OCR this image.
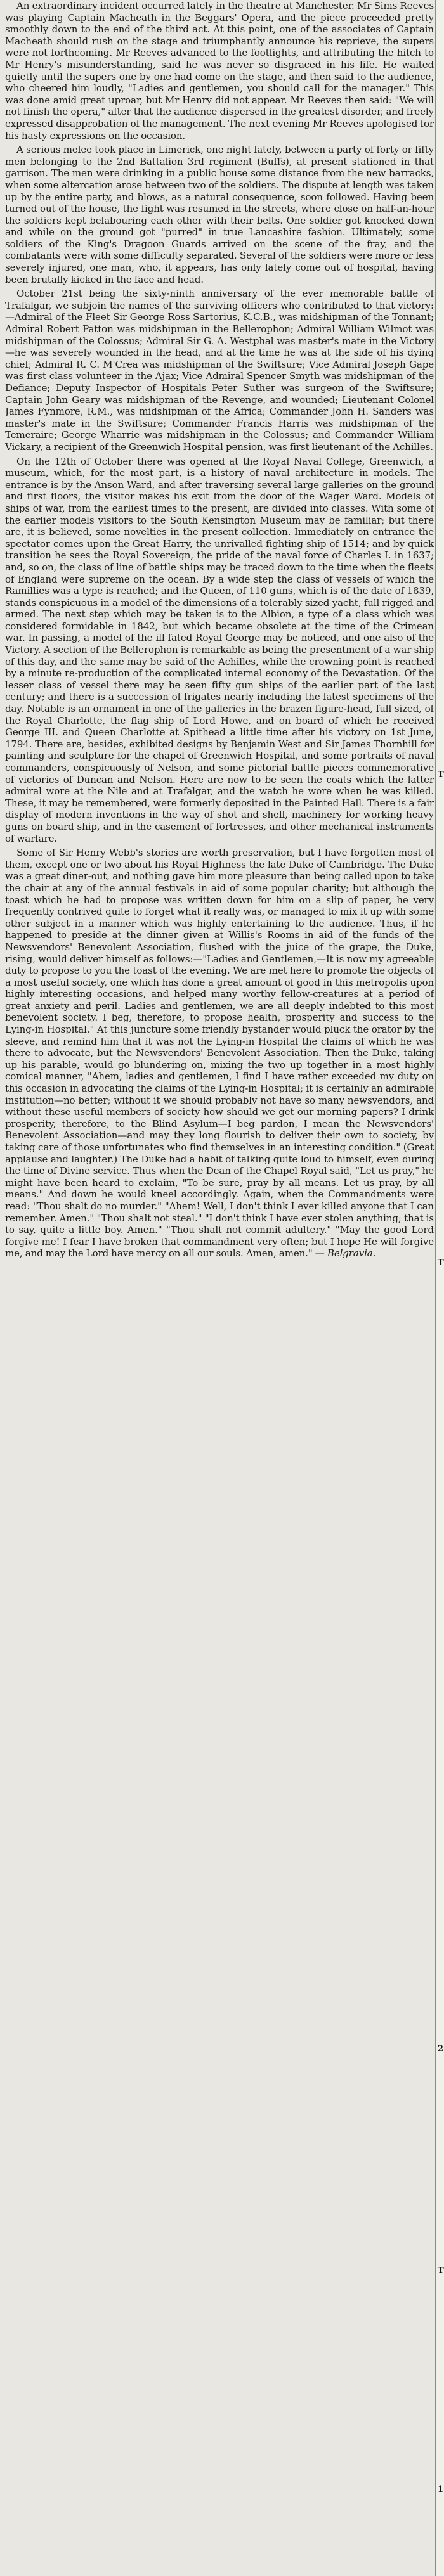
An extraordinary incident occurred lately in the theatre at Manchester. Mr Sims Reeves was playing Captain Macheath in the Beggars' Opera, and the piece proceeded pretty smoothly down to the end of the third act. At this point, one of the associates of Captain Macheath should rush on the stage and triumphantly announce his reprieve, the supers were not forthcoming. Mr Reeves advanced to the footlights, and attributing the hitch to Mr Henry's misunderstanding, said he was never so disgraced in his life. He waited quietly until the supers one by one had come on the stage, and then said to the audience, who cheered him loudly, "Ladies and gentlemen, you should call for the manager." This was done amid great uproar, but Mr Henry did not appear. Mr Reeves then said: "We will not finish the opera," after that the audience dispersed in the greatest disorder, and freely expressed disapprobation of the management. The next evening Mr Reeves apologised for his hasty expressions on the occasion.

A serious melee took place in Limerick, one night lately, between a party of forty or fifty men belonging to the 2nd Battalion 3rd regiment (Buffs), at present stationed in that garrison. The men were drinking in a public house some distance from the new barracks, when some altercation arose between two of the soldiers. The dispute at length was taken up by the entire party, and blows, as a natural consequence, soon followed. Having been turned out of the house, the fight was resumed in the streets, where close on half-an-hour the soldiers kept belabouring each other with their belts. One soldier got knocked down and while on the ground got "purred" in true Lancashire fashion. Ultimately, some soldiers of the King's Dragoon Guards arrived on the scene of the fray, and the combatants were with some difficulty separated. Several of the soldiers were more or less severely injured, one man, who, it appears, has only lately come out of hospital, having been brutally kicked in the face and head.

October 21st being the sixty-ninth anniversary of the ever memorable battle of Trafalgar, we subjoin the names of the surviving officers who contributed to that victory:—Admiral of the Fleet Sir George Ross Sartorius, K.C.B., was midshipman of the Tonnant; Admiral Robert Patton was midshipman in the Bellerophon; Admiral William Wilmot was midshipman of the Colossus; Admiral Sir G. A. Westphal was master's mate in the Victory—he was severely wounded in the head, and at the time he was at the side of his dying chief; Admiral R. C. M'Crea was midshipman of the Swiftsure; Vice Admiral Joseph Gape was first class volunteer in the Ajax; Vice Admiral Spencer Smyth was midshipman of the Defiance; Deputy Inspector of Hospitals Peter Suther was surgeon of the Swiftsure; Captain John Geary was midshipman of the Revenge, and wounded; Lieutenant Colonel James Fynmore, R.M., was midshipman of the Africa; Commander John H. Sanders was master's mate in the Swiftsure; Commander Francis Harris was midshipman of the Temeraire; George Wharrie was midshipman in the Colossus; and Commander William Vickary, a recipient of the Greenwich Hospital pension, was first lieutenant of the Achilles.

On the 12th of October there was opened at the Royal Naval College, Greenwich, a museum, which, for the most part, is a history of naval architecture in models. The entrance is by the Anson Ward, and after traversing several large galleries on the ground and first floors, the visitor makes his exit from the door of the Wager Ward. Models of ships of war, from the earliest times to the present, are divided into classes. With some of the earlier models visitors to the South Kensington Museum may be familiar; but there are, it is believed, some novelties in the present collection. Immediately on entrance the spectator comes upon the Great Harry, the unrivalled fighting ship of 1514; and by quick transition he sees the Royal Sovereign, the pride of the naval force of Charles I. in 1637; and, so on, the class of line of battle ships may be traced down to the time when the fleets of England were supreme on the ocean. By a wide step the class of vessels of which the Ramillies was a type is reached; and the Queen, of 110 guns, which is of the date of 1839, stands conspicuous in a model of the dimensions of a tolerably sized yacht, full rigged and armed. The next step which may be taken is to the Albion, a type of a class which was considered formidable in 1842, but which became obsolete at the time of the Crimean war. In passing, a model of the ill fated Royal George may be noticed, and one also of the Victory. A section of the Bellerophon is remarkable as being the presentment of a war ship of this day, and the same may be said of the Achilles, while the crowning point is reached by a minute re-production of the complicated internal economy of the Devastation. Of the lesser class of vessel there may be seen fifty gun ships of the earlier part of the last century; and there is a succession of frigates nearly including the latest specimens of the day. Notable is an ornament in one of the galleries in the brazen figure-head, full sized, of the Royal Charlotte, the flag ship of Lord Howe, and on board of which he received George III. and Queen Charlotte at Spithead a little time after his victory on 1st June, 1794. There are, besides, exhibited designs by Benjamin West and Sir James Thornhill for painting and sculpture for the chapel of Greenwich Hospital, and some portraits of naval commanders, conspicuously of Nelson, and some pictorial battle pieces commemorative of victories of Duncan and Nelson. Here are now to be seen the coats which the latter admiral wore at the Nile and at Trafalgar, and the watch he wore when he was killed. These, it may be remembered, were formerly deposited in the Painted Hall. There is a fair display of modern inventions in the way of shot and shell, machinery for working heavy guns on board ship, and in the casement of fortresses, and other mechanical instruments of warfare.

Some of Sir Henry Webb's stories are worth preservation, but I have forgotten most of them, except one or two about his Royal Highness the late Duke of Cambridge. The Duke was a great diner-out, and nothing gave him more pleasure than being called upon to take the chair at any of the annual festivals in aid of some popular charity; but although the toast which he had to propose was written down for him on a slip of paper, he very frequently contrived quite to forget what it really was, or managed to mix it up with some other subject in a manner which was highly entertaining to the audience. Thus, if he happened to preside at the dinner given at Willis's Rooms in aid of the funds of the Newsvendors' Benevolent Association, flushed with the juice of the grape, the Duke, rising, would deliver himself as follows:—"Ladies and Gentlemen,—It is now my agreeable duty to propose to you the toast of the evening. We are met here to promote the objects of a most useful society, one which has done a great amount of good in this metropolis upon highly interesting occasions, and helped many worthy fellow-creatures at a period of great anxiety and peril. Ladies and gentlemen, we are all deeply indebted to this most benevolent society. I beg, therefore, to propose health, prosperity and success to the Lying-in Hospital." At this juncture some friendly bystander would pluck the orator by the sleeve, and remind him that it was not the Lying-in Hospital the claims of which he was there to advocate, but the Newsvendors' Benevolent Association. Then the Duke, taking up his parable, would go blundering on, mixing the two up together in a most highly comical manner, "Ahem, ladies and gentlemen, I find I have rather exceeded my duty on this occasion in advocating the claims of the Lying-in Hospital; it is certainly an admirable institution—no better; without it we should probably not have so many newsvendors, and without these useful members of society how should we get our morning papers? I drink prosperity, therefore, to the Blind Asylum—I beg pardon, I mean the Newsvendors' Benevolent Association—and may they long flourish to deliver their own to society, by taking care of those unfortunates who find themselves in an interesting condition." (Great applause and laughter.) The Duke had a habit of talking quite loud to himself, even during the time of Divine service. Thus when the Dean of the Chapel Royal said, "Let us pray," he might have been heard to exclaim, "To be sure, pray by all means. Let us pray, by all means." And down he would kneel accordingly. Again, when the Commandments were read: "Thou shalt do no murder." "Ahem! Well, I don't think I ever killed anyone that I can remember. Amen." "Thou shalt not steal." "I don't think I have ever stolen anything; that is to say, quite a little boy. Amen." "Thou shalt not commit adultery." "May the good Lord forgive me! I fear I have broken that commandment very often; but I hope He will forgive me, and may the Lord have mercy on all our souls. Amen, amen." — Belgravia.

T
T
2
T
1
